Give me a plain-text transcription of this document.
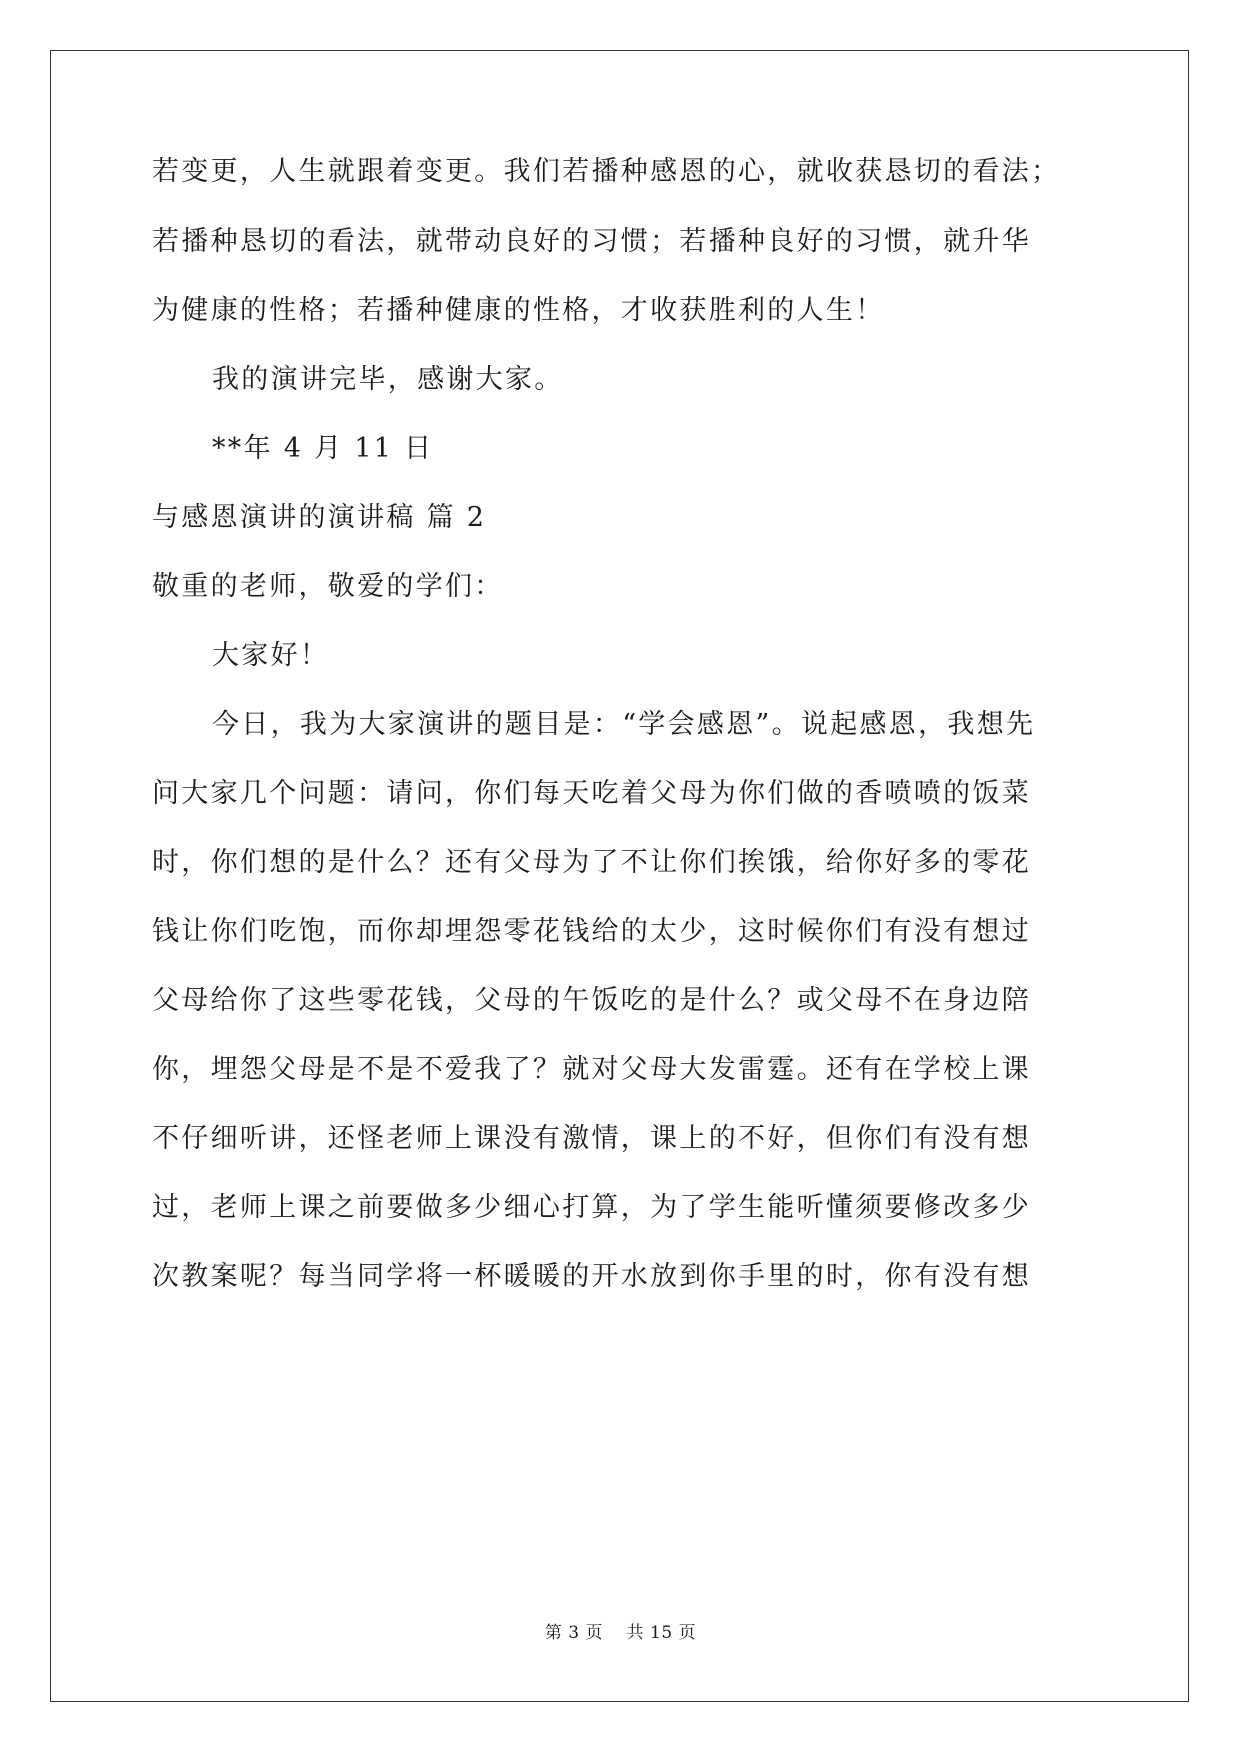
若变更，人生就跟着变更。我们若播种感恩的心，就收获恳切的看法；
若播种恳切的看法，就带动良好的习惯；若播种良好的习惯，就升华
为健康的性格；若播种健康的性格，才收获胜利的人生！
我的演讲完毕，感谢大家。
**年 4 月 11 日
与感恩演讲的演讲稿 篇 2
敬重的老师，敬爱的学们：
大家好！
今日，我为大家演讲的题目是：“学会感恩”。说起感恩，我想先
问大家几个问题：请问，你们每天吃着父母为你们做的香喷喷的饭菜
时，你们想的是什么？还有父母为了不让你们挨饿，给你好多的零花
钱让你们吃饱，而你却埋怨零花钱给的太少，这时候你们有没有想过
父母给你了这些零花钱，父母的午饭吃的是什么？或父母不在身边陪
你，埋怨父母是不是不爱我了？就对父母大发雷霆。还有在学校上课
不仔细听讲，还怪老师上课没有激情，课上的不好，但你们有没有想
过，老师上课之前要做多少细心打算，为了学生能听懂须要修改多少
次教案呢？每当同学将一杯暖暖的开水放到你手里的时，你有没有想
第 3 页    共 15 页
